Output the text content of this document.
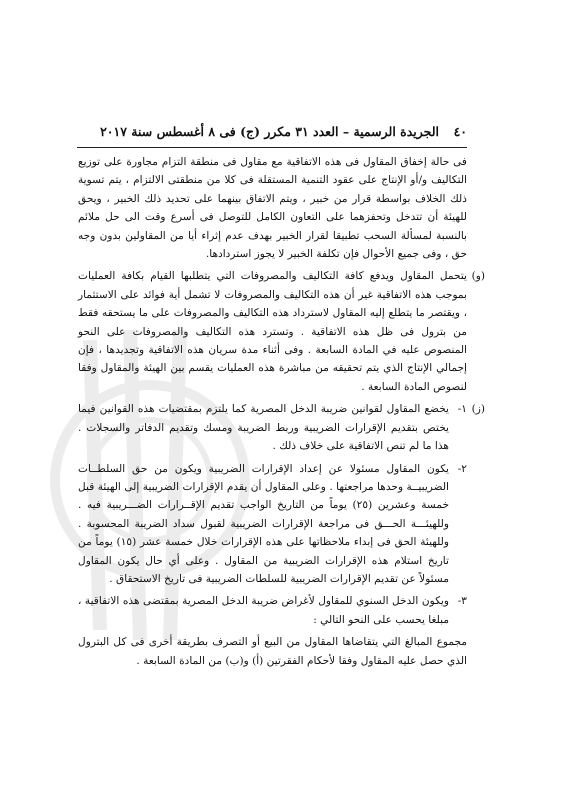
٤٠
الجريدة الرسمية – العدد ٣١ مكرر (ج) فى ٨ أغسطس سنة ٢٠١٧

فى حالة إخفاق المقاول فى هذه الاتفاقية مع مقاول فى منطقة التزام مجاورة على توزيع التكاليف و/أو الإنتاج على عقود التنمية المستقلة فى كلا من منطقتى الالتزام ، يتم تسوية ذلك الخلاف بواسطة قرار من خبير ، ويتم الاتفاق بينهما على تحديد ذلك الخبير ، ويحق للهيئة أن تتدخل وتحفزهما على التعاون الكامل للتوصل فى أسرع وقت الى حل ملائم بالنسبة لمسألة السحب تطبيقا لقرار الخبير بهدف عدم إثراء أيا من المقاولين بدون وجه حق ، وفى جميع الأحوال فإن تكلفة الخبير لا يجوز استردادها.

(و)
يتحمل المقاول ويدفع كافة التكاليف والمصروفات التي يتطلبها القيام بكافة العمليات بموجب هذه الاتفاقية غير أن هذه التكاليف والمصروفات لا تشمل أية فوائد على الاستثمار ، ويقتصر ما يتطلع إليه المقاول لاسترداد هذه التكاليف والمصروفات على ما يستحقه فقط من بترول فى ظل هذه الاتفاقية . وتسترد هذه التكاليف والمصروفات على النحو المنصوص عليه في المادة السابعة . وفى أثناء مدة سريان هذه الاتفاقية وتجديدها ، فإن إجمالي الإنتاج الذي يتم تحقيقه من مباشرة هذه العمليات يقسم بين الهيئة والمقاول وفقا لنصوص المادة السابعة .

(ز)
١-
يخضع المقاول لقوانين ضريبة الدخل المصرية كما يلتزم بمقتضيات هذه القوانين فيما يختص بتقديم الإقرارات الضريبية وربط الضريبة ومسك وتقديم الدفاتر والسجلات . هذا ما لم تنص الاتفاقية على خلاف ذلك .
٢-
يكون المقاول مسئولا عن إعداد الإقرارات الضريبية ويكون من حق السلطــات الضريبيــة وحدها مراجعتها . وعلى المقاول أن يقدم الإقرارات الضريبية إلى الهيئة قبل خمسة وعشرين (٢٥) يوماً من التاريخ الواجب تقديم الإقــرارات الضـــريبية فيه . وللهيئـــة الحـــق فى مراجعة الإقرارات الضريبية لقبول سداد الضريبة المحسوبة . وللهيئة الحق فى إبداء ملاحظاتها على هذه الإقرارات خلال خمسة عشر (١٥) يوماً من تاريخ استلام هذه الإقرارات الضريبية من المقاول . وعلى أي حال يكون المقاول مسئولاً عن تقديم الإقرارات الضريبية للسلطات الضريبية فى تاريخ الاستحقاق .
٣-
ويكون الدخل السنوي للمقاول لأغراض ضريبة الدخل المصرية بمقتضى هذه الاتفاقية ، مبلغا يحسب على النحو التالي :

مجموع المبالغ التي يتقاضاها المقاول من البيع أو التصرف بطريقة أخرى فى كل البترول الذي حصل عليه المقاول وفقا لأحكام الفقرتين (أ) و(ب) من المادة السابعة .
